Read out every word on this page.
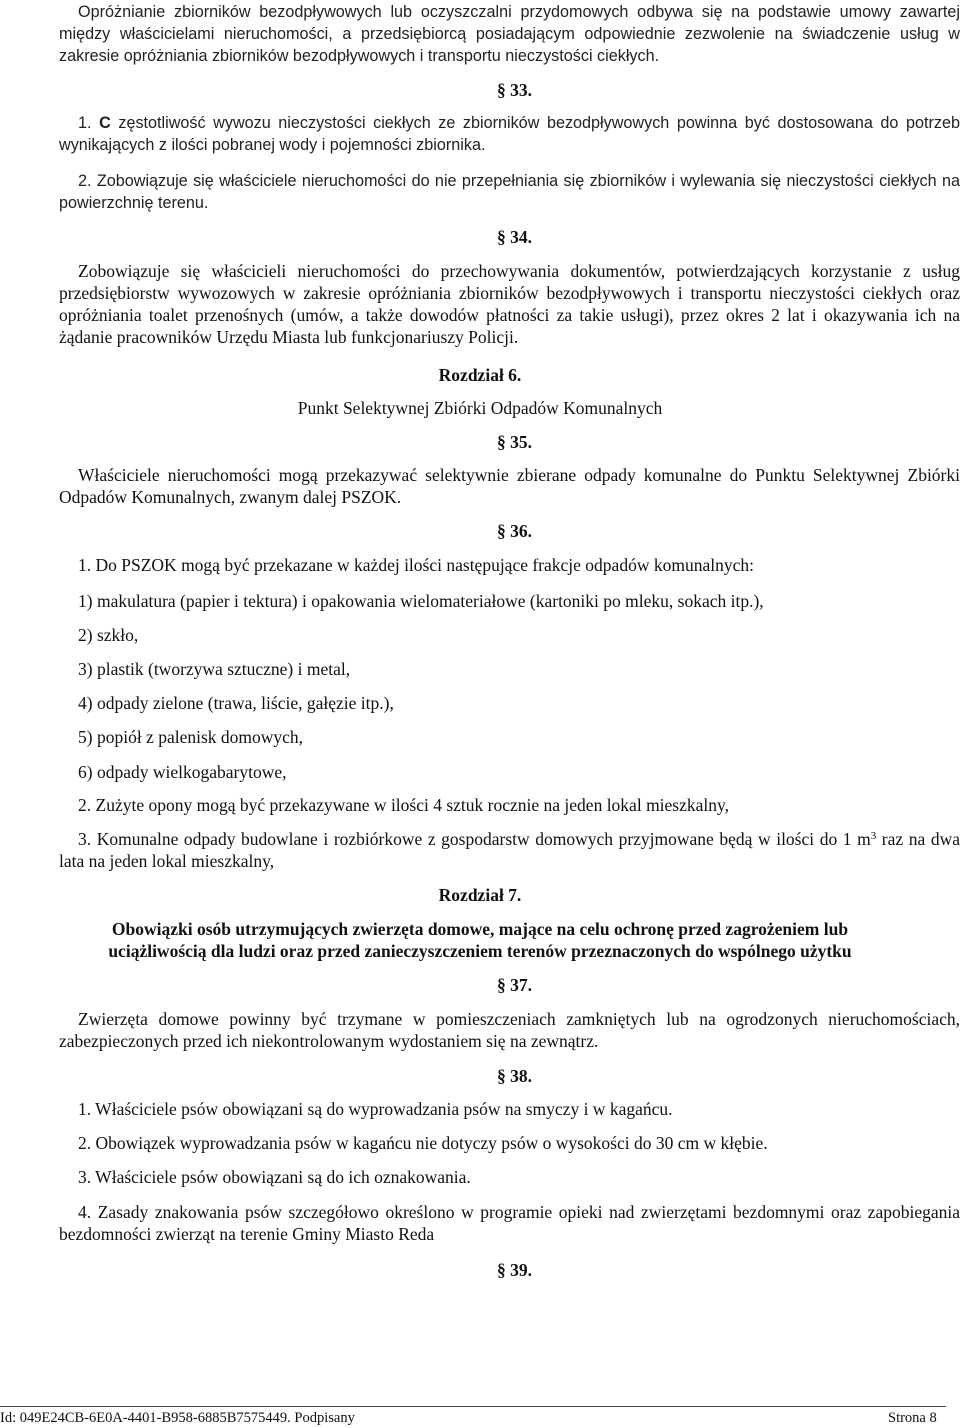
Opróżnianie zbiorników bezodpływowych lub oczyszczalni przydomowych odbywa się na podstawie umowy zawartej między właścicielami nieruchomości, a przedsiębiorcą posiadającym odpowiednie zezwolenie na świadczenie usług w zakresie opróżniania zbiorników bezodpływowych i transportu nieczystości ciekłych.

§ 33.

1. C zęstotliwość wywozu nieczystości ciekłych ze zbiorników bezodpływowych powinna być dostosowana do potrzeb wynikających z ilości pobranej wody i pojemności zbiornika.

2. Zobowiązuje się właściciele nieruchomości do nie przepełniania się zbiorników i wylewania się nieczystości ciekłych na powierzchnię terenu.

§ 34.

Zobowiązuje się właścicieli nieruchomości do przechowywania dokumentów, potwierdzających korzystanie z usług przedsiębiorstw wywozowych w zakresie opróżniania zbiorników bezodpływowych i transportu nieczystości ciekłych oraz opróżniania toalet przenośnych (umów, a także dowodów płatności za takie usługi), przez okres 2 lat i okazywania ich na żądanie pracowników Urzędu Miasta lub funkcjonariuszy Policji.

Rozdział 6.

Punkt Selektywnej Zbiórki Odpadów Komunalnych

§ 35.

Właściciele nieruchomości mogą przekazywać selektywnie zbierane odpady komunalne do Punktu Selektywnej Zbiórki Odpadów Komunalnych, zwanym dalej PSZOK.

§ 36.

1. Do PSZOK mogą być przekazane w każdej ilości następujące frakcje odpadów komunalnych:

1) makulatura (papier i tektura) i opakowania wielomateriałowe (kartoniki po mleku, sokach itp.),

2) szkło,

3) plastik (tworzywa sztuczne) i metal,

4) odpady zielone (trawa, liście, gałęzie itp.),

5) popiół z palenisk domowych,

6) odpady wielkogabarytowe,

2. Zużyte opony mogą być przekazywane w ilości 4 sztuk rocznie na jeden lokal mieszkalny,

3. Komunalne odpady budowlane i rozbiórkowe z gospodarstw domowych przyjmowane będą w ilości do 1 $m^3$ raz na dwa lata na jeden lokal mieszkalny,

Rozdział 7.

Obowiązki osób utrzymujących zwierzęta domowe, mające na celu ochronę przed zagrożeniem lub

uciążliwością dla ludzi oraz przed zanieczyszczeniem terenów przeznaczonych do wspólnego użytku

§ 37.

Zwierzęta domowe powinny być trzymane w pomieszczeniach zamkniętych lub na ogrodzonych nieruchomościach, zabezpieczonych przed ich niekontrolowanym wydostaniem się na zewnątrz.

§ 38.

1. Właściciele psów obowiązani są do wyprowadzania psów na smyczy i w kagańcu.

2. Obowiązek wyprowadzania psów w kagańcu nie dotyczy psów o wysokości do 30 cm w kłębie.

3. Właściciele psów obowiązani są do ich oznakowania.

4. Zasady znakowania psów szczegółowo określono w programie opieki nad zwierzętami bezdomnymi oraz zapobiegania bezdomności zwierząt na terenie Gminy Miasto Reda

§ 39.

Id: 049E24CB-6E0A-4401-B958-6885B7575449. Podpisany	Strona 8
